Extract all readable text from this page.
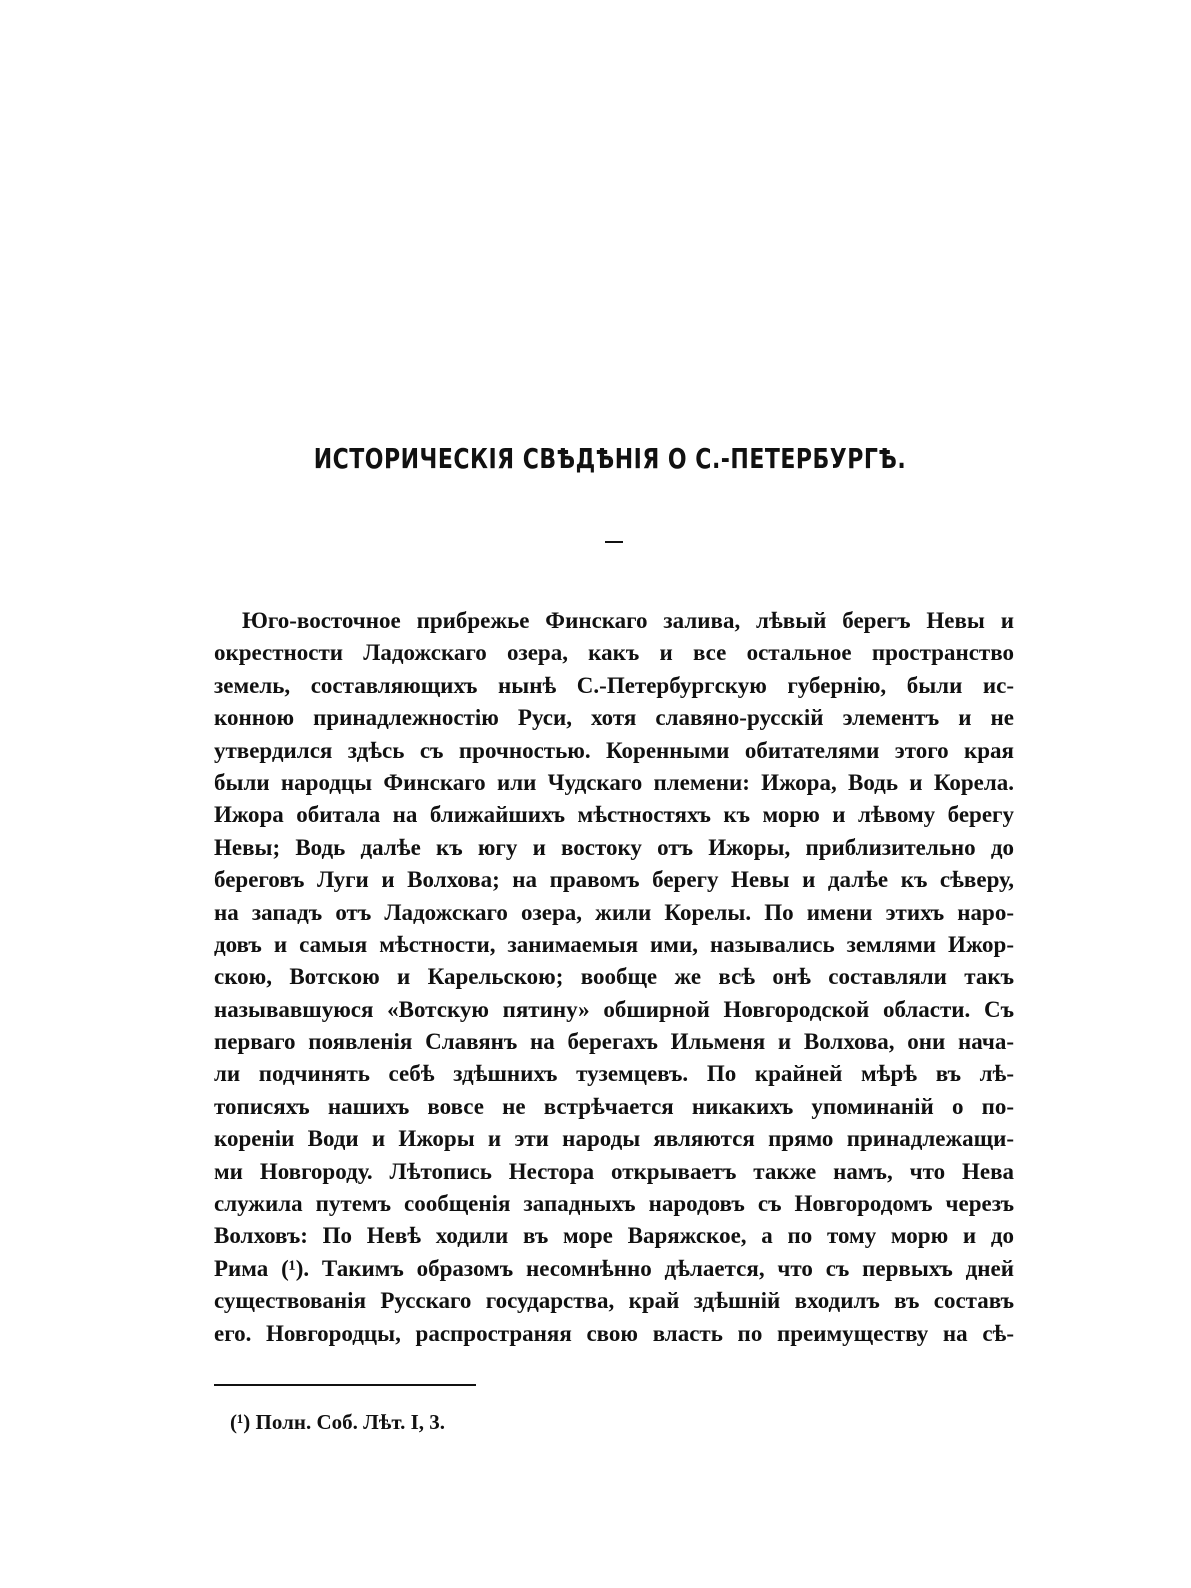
ИСТОРИЧЕСКІЯ СВѢДѢНІЯ О С.-ПЕТЕРБУРГѢ.
Юго-восточное прибрежье Финскаго залива, лѣвый берегъ Невы и
окрестности Ладожскаго озера, какъ и все остальное пространство
земель, составляющихъ нынѣ С.-Петербургскую губернію, были ис-
конною принадлежностію Руси, хотя славяно-русскій элементъ и не
утвердился здѣсь съ прочностью. Коренными обитателями этого края
были народцы Финскаго или Чудскаго племени: Ижора, Водь и Корела.
Ижора обитала на ближайшихъ мѣстностяхъ къ морю и лѣвому берегу
Невы; Водь далѣе къ югу и востоку отъ Ижоры, приблизительно до
береговъ Луги и Волхова; на правомъ берегу Невы и далѣе къ сѣверу,
на западъ отъ Ладожскаго озера, жили Корелы. По имени этихъ наро-
довъ и самыя мѣстности, занимаемыя ими, назывались землями Ижор-
скою, Вотскою и Карельскою; вообще же всѣ онѣ составляли такъ
называвшуюся «Вотскую пятину» обширной Новгородской области. Съ
перваго появленія Славянъ на берегахъ Ильменя и Волхова, они нача-
ли подчинять себѣ здѣшнихъ туземцевъ. По крайней мѣрѣ въ лѣ-
тописяхъ нашихъ вовсе не встрѣчается никакихъ упоминаній о по-
кореніи Води и Ижоры и эти народы являются прямо принадлежащи-
ми Новгороду. Лѣтопись Нестора открываетъ также намъ, что Нева
служила путемъ сообщенія западныхъ народовъ съ Новгородомъ черезъ
Волховъ: По Невѣ ходили въ море Варяжское, а по тому морю и до
Рима (¹). Такимъ образомъ несомнѣнно дѣлается, что съ первыхъ дней
существованія Русскаго государства, край здѣшній входилъ въ составъ
его. Новгородцы, распространяя свою власть по преимуществу на сѣ-
(¹) Полн. Соб. Лѣт. I, 3.
